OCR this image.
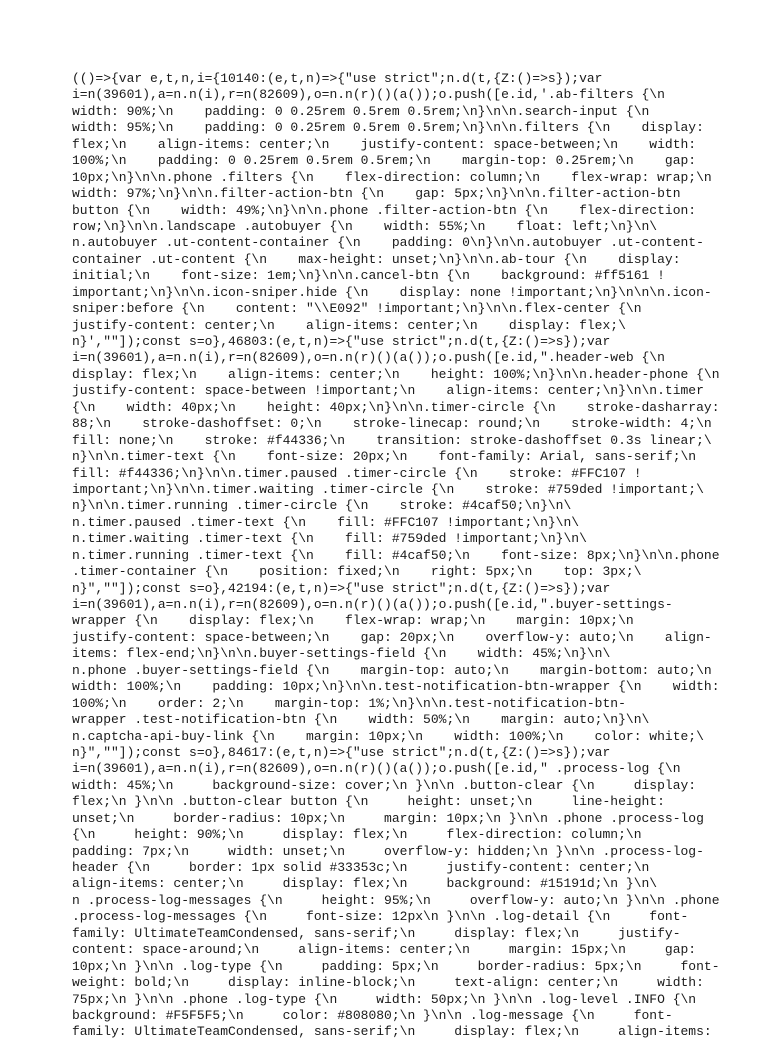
(()=>{var e,t,n,i={10140:(e,t,n)=>{"use strict";n.d(t,{Z:()=>s});var
i=n(39601),a=n.n(i),r=n(82609),o=n.n(r)()(a());o.push([e.id,'.ab-filters {\n
width: 90%;\n    padding: 0 0.25rem 0.5rem 0.5rem;\n}\n\n.search-input {\n
width: 95%;\n    padding: 0 0.25rem 0.5rem 0.5rem;\n}\n\n.filters {\n    display:
flex;\n    align-items: center;\n    justify-content: space-between;\n    width:
100%;\n    padding: 0 0.25rem 0.5rem 0.5rem;\n    margin-top: 0.25rem;\n    gap:
10px;\n}\n\n.phone .filters {\n    flex-direction: column;\n    flex-wrap: wrap;\n
width: 97%;\n}\n\n.filter-action-btn {\n    gap: 5px;\n}\n\n.filter-action-btn
button {\n    width: 49%;\n}\n\n.phone .filter-action-btn {\n    flex-direction:
row;\n}\n\n.landscape .autobuyer {\n    width: 55%;\n    float: left;\n}\n\
n.autobuyer .ut-content-container {\n    padding: 0\n}\n\n.autobuyer .ut-content-
container .ut-content {\n    max-height: unset;\n}\n\n.ab-tour {\n    display:
initial;\n    font-size: 1em;\n}\n\n.cancel-btn {\n    background: #ff5161 !
important;\n}\n\n.icon-sniper.hide {\n    display: none !important;\n}\n\n\n.icon-
sniper:before {\n    content: "\\E092" !important;\n}\n\n.flex-center {\n
justify-content: center;\n    align-items: center;\n    display: flex;\
n}',""]);const s=o},46803:(e,t,n)=>{"use strict";n.d(t,{Z:()=>s});var
i=n(39601),a=n.n(i),r=n(82609),o=n.n(r)()(a());o.push([e.id,".header-web {\n
display: flex;\n    align-items: center;\n    height: 100%;\n}\n\n.header-phone {\n
justify-content: space-between !important;\n    align-items: center;\n}\n\n.timer
{\n    width: 40px;\n    height: 40px;\n}\n\n.timer-circle {\n    stroke-dasharray:
88;\n    stroke-dashoffset: 0;\n    stroke-linecap: round;\n    stroke-width: 4;\n
fill: none;\n    stroke: #f44336;\n    transition: stroke-dashoffset 0.3s linear;\
n}\n\n.timer-text {\n    font-size: 20px;\n    font-family: Arial, sans-serif;\n
fill: #f44336;\n}\n\n.timer.paused .timer-circle {\n    stroke: #FFC107 !
important;\n}\n\n.timer.waiting .timer-circle {\n    stroke: #759ded !important;\
n}\n\n.timer.running .timer-circle {\n    stroke: #4caf50;\n}\n\
n.timer.paused .timer-text {\n    fill: #FFC107 !important;\n}\n\
n.timer.waiting .timer-text {\n    fill: #759ded !important;\n}\n\
n.timer.running .timer-text {\n    fill: #4caf50;\n    font-size: 8px;\n}\n\n.phone
.timer-container {\n    position: fixed;\n    right: 5px;\n    top: 3px;\
n}",""]);const s=o},42194:(e,t,n)=>{"use strict";n.d(t,{Z:()=>s});var
i=n(39601),a=n.n(i),r=n(82609),o=n.n(r)()(a());o.push([e.id,".buyer-settings-
wrapper {\n    display: flex;\n    flex-wrap: wrap;\n    margin: 10px;\n
justify-content: space-between;\n    gap: 20px;\n    overflow-y: auto;\n    align-
items: flex-end;\n}\n\n.buyer-settings-field {\n    width: 45%;\n}\n\
n.phone .buyer-settings-field {\n    margin-top: auto;\n    margin-bottom: auto;\n
width: 100%;\n    padding: 10px;\n}\n\n.test-notification-btn-wrapper {\n    width:
100%;\n    order: 2;\n    margin-top: 1%;\n}\n\n.test-notification-btn-
wrapper .test-notification-btn {\n    width: 50%;\n    margin: auto;\n}\n\
n.captcha-api-buy-link {\n    margin: 10px;\n    width: 100%;\n    color: white;\
n}",""]);const s=o},84617:(e,t,n)=>{"use strict";n.d(t,{Z:()=>s});var
i=n(39601),a=n.n(i),r=n(82609),o=n.n(r)()(a());o.push([e.id," .process-log {\n
width: 45%;\n     background-size: cover;\n }\n\n .button-clear {\n     display:
flex;\n }\n\n .button-clear button {\n     height: unset;\n     line-height:
unset;\n     border-radius: 10px;\n     margin: 10px;\n }\n\n .phone .process-log
{\n     height: 90%;\n     display: flex;\n     flex-direction: column;\n
padding: 7px;\n     width: unset;\n     overflow-y: hidden;\n }\n\n .process-log-
header {\n     border: 1px solid #33353c;\n     justify-content: center;\n
align-items: center;\n     display: flex;\n     background: #15191d;\n }\n\
n .process-log-messages {\n     height: 95%;\n     overflow-y: auto;\n }\n\n .phone
.process-log-messages {\n     font-size: 12px\n }\n\n .log-detail {\n     font-
family: UltimateTeamCondensed, sans-serif;\n     display: flex;\n     justify-
content: space-around;\n     align-items: center;\n     margin: 15px;\n     gap:
10px;\n }\n\n .log-type {\n     padding: 5px;\n     border-radius: 5px;\n     font-
weight: bold;\n     display: inline-block;\n     text-align: center;\n     width:
75px;\n }\n\n .phone .log-type {\n     width: 50px;\n }\n\n .log-level .INFO {\n
background: #F5F5F5;\n     color: #808080;\n }\n\n .log-message {\n     font-
family: UltimateTeamCondensed, sans-serif;\n     display: flex;\n     align-items:
